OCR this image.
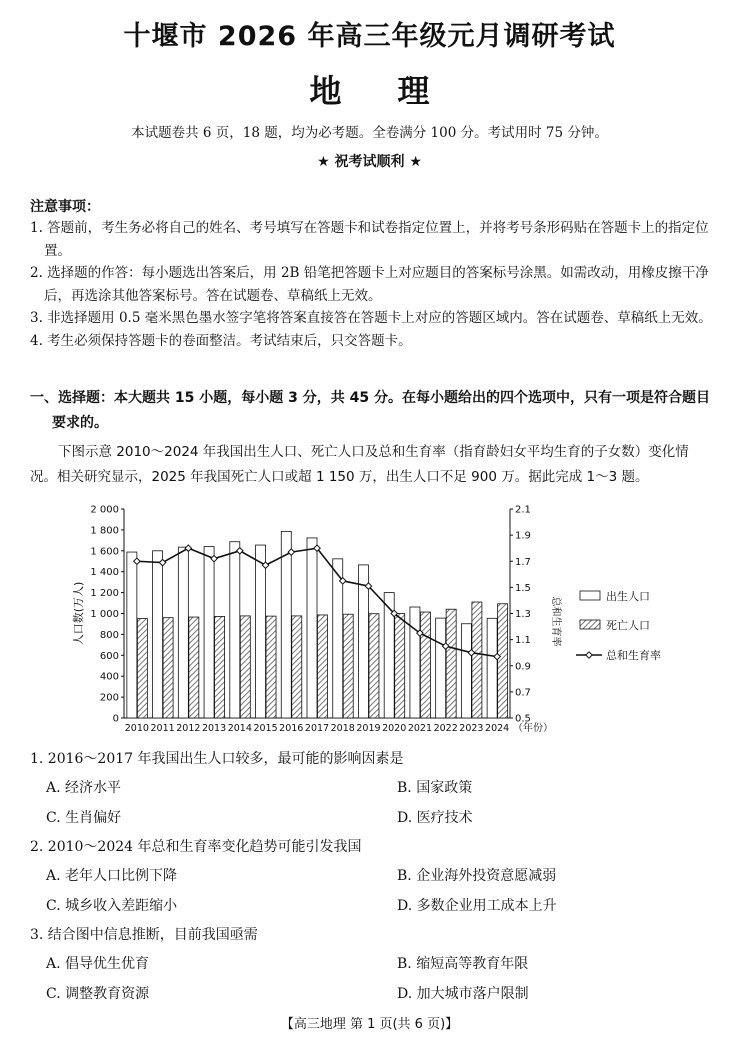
十堰市 2026 年高三年级元月调研考试
地理
本试题卷共 6 页，18 题，均为必考题。全卷满分 100 分。考试用时 75 分钟。
★ 祝考试顺利 ★
注意事项：
1. 答题前，考生务必将自己的姓名、考号填写在答题卡和试卷指定位置上，并将考号条形码贴在答题卡上的指定位置。
2. 选择题的作答：每小题选出答案后，用 2B 铅笔把答题卡上对应题目的答案标号涂黑。如需改动，用橡皮擦干净后，再选涂其他答案标号。答在试题卷、草稿纸上无效。
3. 非选择题用 0.5 毫米黑色墨水签字笔将答案直接答在答题卡上对应的答题区域内。答在试题卷、草稿纸上无效。
4. 考生必须保持答题卡的卷面整洁。考试结束后，只交答题卡。
一、选择题：本大题共 15 小题，每小题 3 分，共 45 分。在每小题给出的四个选项中，只有一项是符合题目
要求的。
下图示意 2010～2024 年我国出生人口、死亡人口及总和生育率（指育龄妇女平均生育的子女数）变化情况。相关研究显示，2025 年我国死亡人口或超 1 150 万，出生人口不足 900 万。据此完成 1～3 题。
0
200
400
600
800
1 000
1 200
1 400
1 600
1 800
2 000
0.5
0.7
0.9
1.1
1.3
1.5
1.7
1.9
2.1
2010 2011 2012 2013 2014 2015 2016 2017 2018 2019 2020 2021 2022 2023 2024
人口数(万人)	总和生育率
（年份）
出生人口
死亡人口
总和生育率
1. 2016～2017 年我国出生人口较多，最可能的影响因素是
A. 经济水平	B. 国家政策
C. 生肖偏好	D. 医疗技术
2. 2010～2024 年总和生育率变化趋势可能引发我国
A. 老年人口比例下降	B. 企业海外投资意愿减弱
C. 城乡收入差距缩小	D. 多数企业用工成本上升
3. 结合图中信息推断，目前我国亟需
A. 倡导优生优育	B. 缩短高等教育年限
C. 调整教育资源	D. 加大城市落户限制
【高三地理 第 1 页(共 6 页)】
